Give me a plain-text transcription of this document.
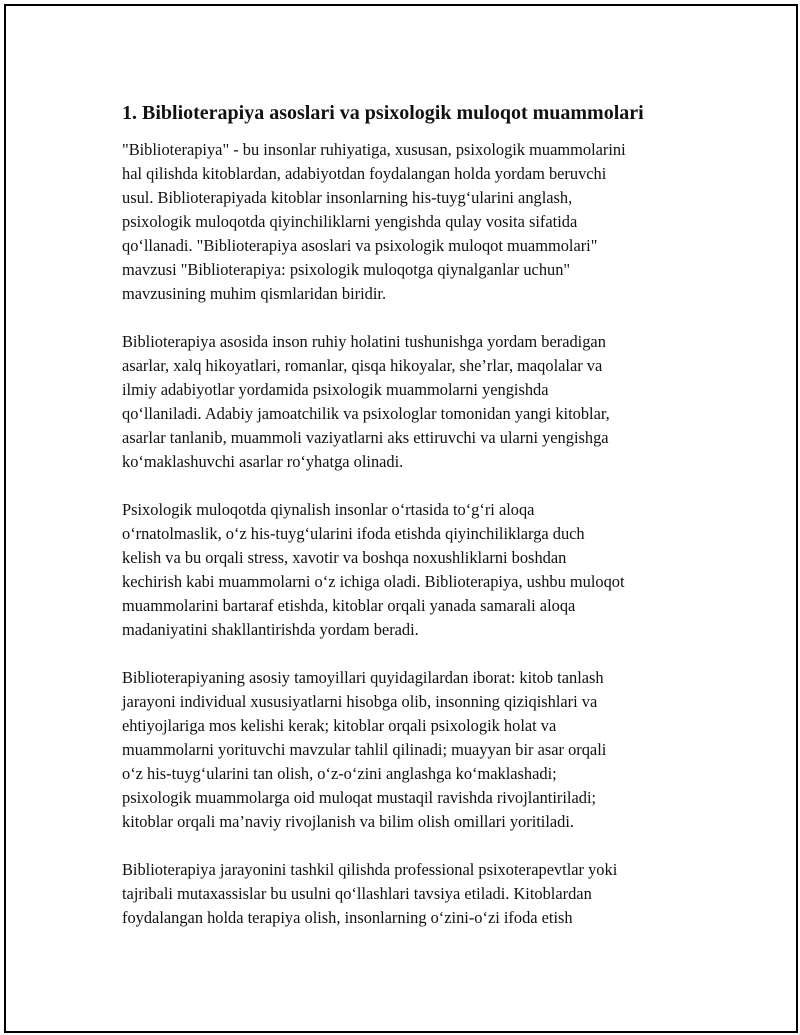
1. Biblioterapiya asoslari va psixologik muloqot muammolari

"Biblioterapiya" - bu insonlar ruhiyatiga, xususan, psixologik muammolarini
hal qilishda kitoblardan, adabiyotdan foydalangan holda yordam beruvchi
usul. Biblioterapiyada kitoblar insonlarning his-tuyg‘ularini anglash,
psixologik muloqotda qiyinchiliklarni yengishda qulay vosita sifatida
qo‘llanadi. "Biblioterapiya asoslari va psixologik muloqot muammolari"
mavzusi "Biblioterapiya: psixologik muloqotga qiynalganlar uchun"
mavzusining muhim qismlaridan biridir.

Biblioterapiya asosida inson ruhiy holatini tushunishga yordam beradigan
asarlar, xalq hikoyatlari, romanlar, qisqa hikoyalar, she’rlar, maqolalar va
ilmiy adabiyotlar yordamida psixologik muammolarni yengishda
qo‘llaniladi. Adabiy jamoatchilik va psixologlar tomonidan yangi kitoblar,
asarlar tanlanib, muammoli vaziyatlarni aks ettiruvchi va ularni yengishga
ko‘maklashuvchi asarlar ro‘yhatga olinadi.

Psixologik muloqotda qiynalish insonlar o‘rtasida to‘g‘ri aloqa
o‘rnatolmaslik, o‘z his-tuyg‘ularini ifoda etishda qiyinchiliklarga duch
kelish va bu orqali stress, xavotir va boshqa noxushliklarni boshdan
kechirish kabi muammolarni o‘z ichiga oladi. Biblioterapiya, ushbu muloqot
muammolarini bartaraf etishda, kitoblar orqali yanada samarali aloqa
madaniyatini shakllantirishda yordam beradi.

Biblioterapiyaning asosiy tamoyillari quyidagilardan iborat: kitob tanlash
jarayoni individual xususiyatlarni hisobga olib, insonning qiziqishlari va
ehtiyojlariga mos kelishi kerak; kitoblar orqali psixologik holat va
muammolarni yorituvchi mavzular tahlil qilinadi; muayyan bir asar orqali
o‘z his-tuyg‘ularini tan olish, o‘z-o‘zini anglashga ko‘maklashadi;
psixologik muammolarga oid muloqat mustaqil ravishda rivojlantiriladi;
kitoblar orqali ma’naviy rivojlanish va bilim olish omillari yoritiladi.

Biblioterapiya jarayonini tashkil qilishda professional psixoterapevtlar yoki
tajribali mutaxassislar bu usulni qo‘llashlari tavsiya etiladi. Kitoblardan
foydalangan holda terapiya olish, insonlarning o‘zini-o‘zi ifoda etish
